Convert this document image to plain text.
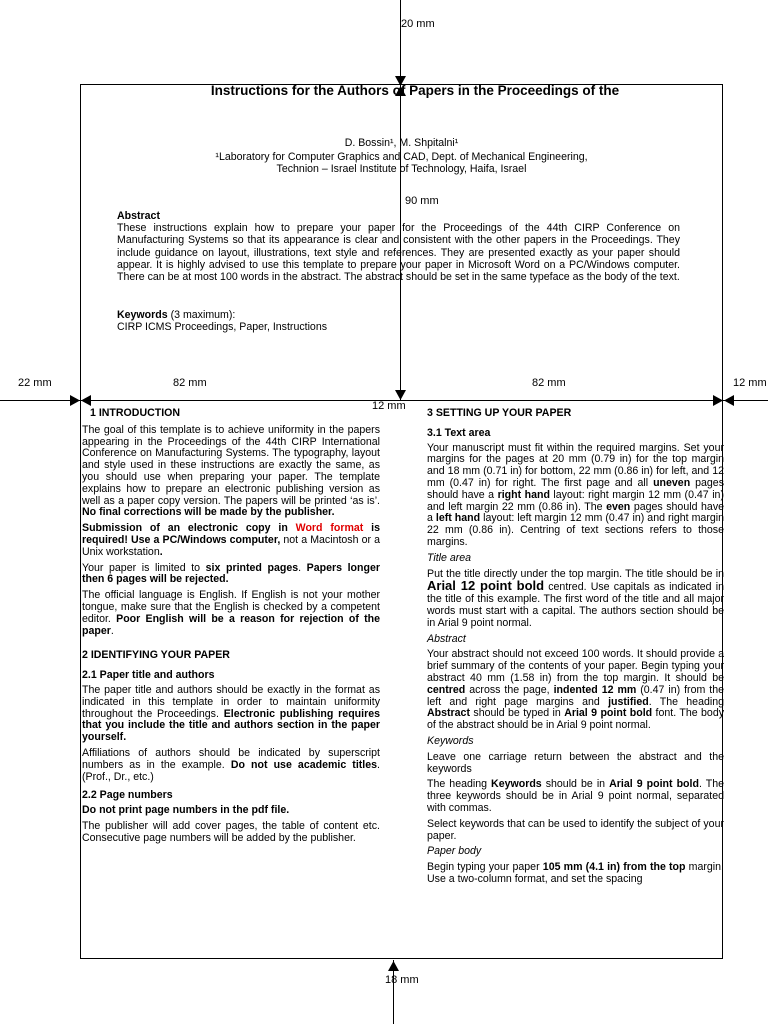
20 mm
18 mm
22 mm	12 mm
82 mm	82 mm
12 mm
90 mm
Instructions for the Authors of Papers in the Proceedings of the
D. Bossin¹, M. Shpitalni¹
¹Laboratory for Computer Graphics and CAD, Dept. of Mechanical Engineering,
Technion – Israel Institute of Technology, Haifa, Israel
Abstract

These instructions explain how to prepare your paper for the Proceedings of the 44th CIRP Conference on Manufacturing Systems so that its appearance is clear and consistent with the other papers in the Proceedings. They include guidance on layout, illustrations, text style and references. They are presented exactly as your paper should appear. It is highly advised to use this template to prepare your paper in Microsoft Word on a PC/Windows computer. There can be at most 100 words in the abstract. The abstract should be set in the same typeface as the body of the text.

Keywords (3 maximum):
CIRP ICMS Proceedings, Paper, Instructions
1 INTRODUCTION

The goal of this template is to achieve uniformity in the papers appearing in the Proceedings of the 44th CIRP International Conference on Manufacturing Systems. The typography, layout and style used in these instructions are exactly the same, as you should use when preparing your paper. The template explains how to prepare an electronic publishing version as well as a paper copy version. The papers will be printed ‘as is’. No final corrections will be made by the publisher.

Submission of an electronic copy in Word format is required! Use a PC/Windows computer, not a Macintosh or a Unix workstation.

Your paper is limited to six printed pages. Papers longer then 6 pages will be rejected.

The official language is English. If English is not your mother tongue, make sure that the English is checked by a competent editor. Poor English will be a reason for rejection of the paper.

2 IDENTIFYING YOUR PAPER
2.1 Paper title and authors

The paper title and authors should be exactly in the format as indicated in this template in order to maintain uniformity throughout the Proceedings. Electronic publishing requires that you include the title and authors section in the paper yourself.

Affiliations of authors should be indicated by superscript numbers as in the example. Do not use academic titles. (Prof., Dr., etc.)

2.2 Page numbers

Do not print page numbers in the pdf file.

The publisher will add cover pages, the table of content etc. Consecutive page numbers will be added by the publisher.

3 SETTING UP YOUR PAPER
3.1 Text area

Your manuscript must fit within the required margins. Set your margins for the pages at 20 mm (0.79 in) for the top margin and 18 mm (0.71 in) for bottom, 22 mm (0.86 in) for left, and 12 mm (0.47 in) for right. The first page and all uneven pages should have a right hand layout: right margin 12 mm (0.47 in) and left margin 22 mm (0.86 in). The even pages should have a left hand layout: left margin 12 mm (0.47 in) and right margin 22 mm (0.86 in). Centring of text sections refers to those margins.

Title area

Put the title directly under the top margin. The title should be in Arial 12 point bold centred. Use capitals as indicated in the title of this example. The first word of the title and all major words must start with a capital. The authors section should be in Arial 9 point normal.

Abstract

Your abstract should not exceed 100 words. It should provide a brief summary of the contents of your paper. Begin typing your abstract 40 mm (1.58 in) from the top margin. It should be centred across the page, indented 12 mm (0.47 in) from the left and right page margins and justified. The heading Abstract should be typed in Arial 9 point bold font. The body of the abstract should be in Arial 9 point normal.

Keywords

Leave one carriage return between the abstract and the keywords

The heading Keywords should be in Arial 9 point bold. The three keywords should be in Arial 9 point normal, separated with commas.

Select keywords that can be used to identify the subject of your paper.

Paper body

Begin typing your paper 105 mm (4.1 in) from the top margin. Use a two-column format, and set the spacing
